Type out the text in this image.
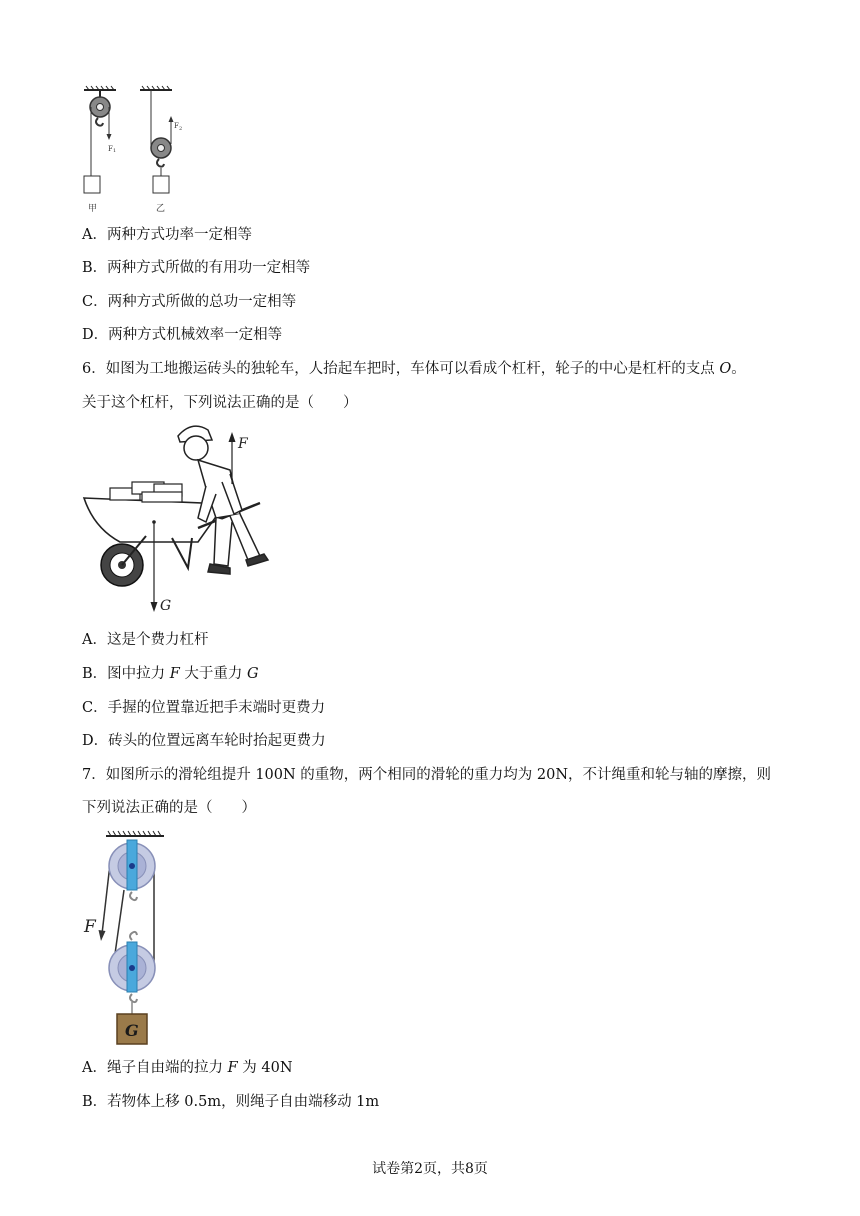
F 1
甲
F 2
乙
A．两种方式功率一定相等
B．两种方式所做的有用功一定相等
C．两种方式所做的总功一定相等
D．两种方式机械效率一定相等
6．如图为工地搬运砖头的独轮车，人抬起车把时，车体可以看成个杠杆，轮子的中心是杠杆的支点 O。
关于这个杠杆，下列说法正确的是（　　）
G
F
A．这是个费力杠杆
B．图中拉力 F 大于重力 G
C．手握的位置靠近把手末端时更费力
D．砖头的位置远离车轮时抬起更费力
7．如图所示的滑轮组提升 100N 的重物，两个相同的滑轮的重力均为 20N，不计绳重和轮与轴的摩擦，则
下列说法正确的是（　　）
G
F
A．绳子自由端的拉力 F 为 40N
B．若物体上移 0.5m，则绳子自由端移动 1m
试卷第2页，共8页
